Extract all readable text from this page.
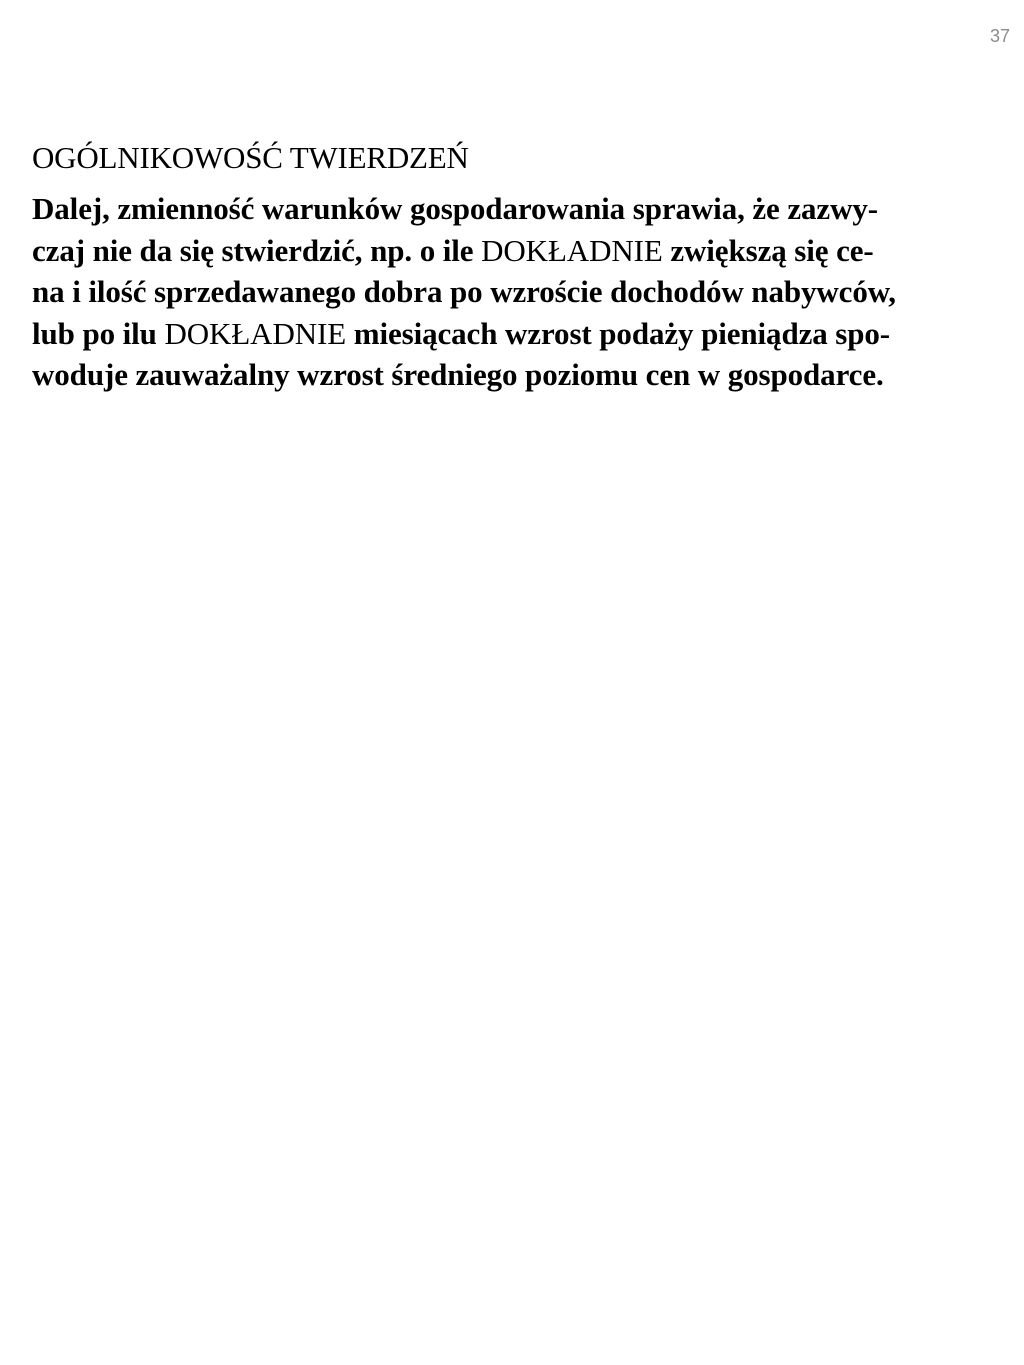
37
OGÓLNIKOWOŚĆ TWIERDZEŃ

Dalej, zmienność warunków gospodarowania sprawia, że zazwy-
czaj nie da się stwierdzić, np. o ile DOKŁADNIE zwiększą się ce-
na i ilość sprzedawanego dobra po wzroście dochodów nabywców,
lub po ilu DOKŁADNIE miesiącach wzrost podaży pieniądza spo-
woduje zauważalny wzrost średniego poziomu cen w gospodarce.
